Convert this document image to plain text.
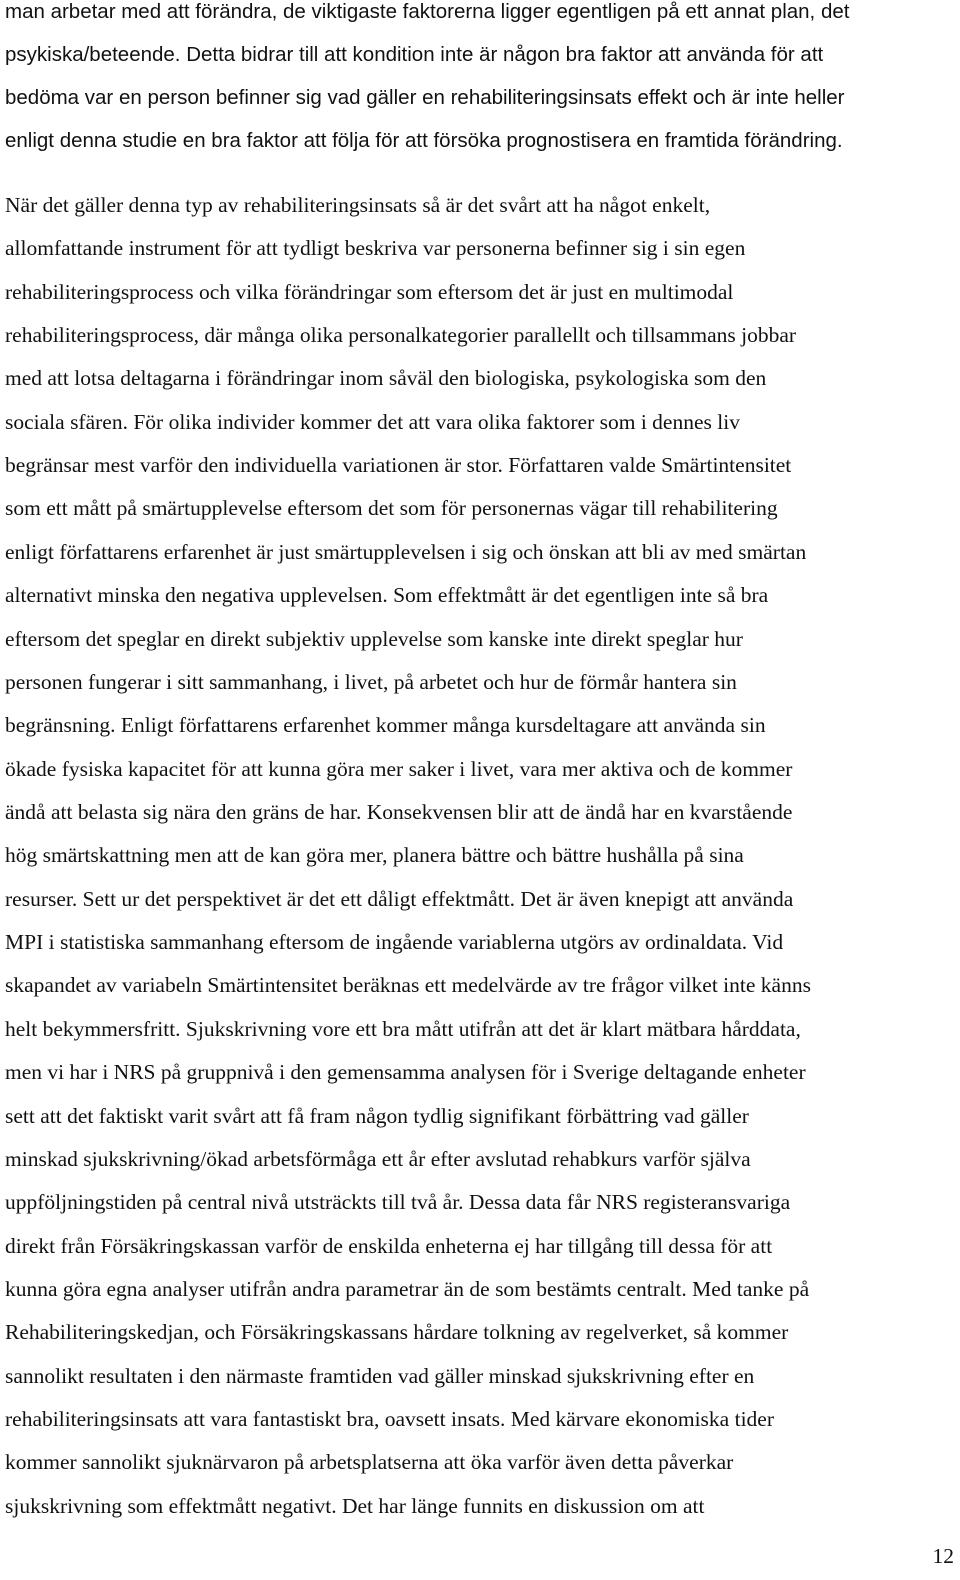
man arbetar med att förändra, de viktigaste faktorerna ligger egentligen på ett annat plan, det
psykiska/beteende. Detta bidrar till att kondition inte är någon bra faktor att använda för att
bedöma var en person befinner sig vad gäller en rehabiliteringsinsats effekt och är inte heller
enligt denna studie en bra faktor att följa för att försöka prognostisera en framtida förändring.
När det gäller denna typ av rehabiliteringsinsats så är det svårt att ha något enkelt,
allomfattande instrument för att tydligt beskriva var personerna befinner sig i sin egen
rehabiliteringsprocess och vilka förändringar som eftersom det är just en multimodal
rehabiliteringsprocess, där många olika personalkategorier parallellt och tillsammans jobbar
med att lotsa deltagarna i förändringar inom såväl den biologiska, psykologiska som den
sociala sfären. För olika individer kommer det att vara olika faktorer som i dennes liv
begränsar mest varför den individuella variationen är stor. Författaren valde Smärtintensitet
som ett mått på smärtupplevelse eftersom det som för personernas vägar till rehabilitering
enligt författarens erfarenhet är just smärtupplevelsen i sig och önskan att bli av med smärtan
alternativt minska den negativa upplevelsen. Som effektmått är det egentligen inte så bra
eftersom det speglar en direkt subjektiv upplevelse som kanske inte direkt speglar hur
personen fungerar i sitt sammanhang, i livet, på arbetet och hur de förmår hantera sin
begränsning. Enligt författarens erfarenhet kommer många kursdeltagare att använda sin
ökade fysiska kapacitet för att kunna göra mer saker i livet, vara mer aktiva och de kommer
ändå att belasta sig nära den gräns de har. Konsekvensen blir att de ändå har en kvarstående
hög smärtskattning men att de kan göra mer, planera bättre och bättre hushålla på sina
resurser. Sett ur det perspektivet är det ett dåligt effektmått. Det är även knepigt att använda
MPI i statistiska sammanhang eftersom de ingående variablerna utgörs av ordinaldata. Vid
skapandet av variabeln Smärtintensitet beräknas ett medelvärde av tre frågor vilket inte känns
helt bekymmersfritt. Sjukskrivning vore ett bra mått utifrån att det är klart mätbara hårddata,
men vi har i NRS på gruppnivå i den gemensamma analysen för i Sverige deltagande enheter
sett att det faktiskt varit svårt att få fram någon tydlig signifikant förbättring vad gäller
minskad sjukskrivning/ökad arbetsförmåga ett år efter avslutad rehabkurs varför själva
uppföljningstiden på central nivå utsträckts till två år. Dessa data får NRS registeransvariga
direkt från Försäkringskassan varför de enskilda enheterna ej har tillgång till dessa för att
kunna göra egna analyser utifrån andra parametrar än de som bestämts centralt. Med tanke på
Rehabiliteringskedjan, och Försäkringskassans hårdare tolkning av regelverket, så kommer
sannolikt resultaten i den närmaste framtiden vad gäller minskad sjukskrivning efter en
rehabiliteringsinsats att vara fantastiskt bra, oavsett insats. Med kärvare ekonomiska tider
kommer sannolikt sjuknärvaron på arbetsplatserna att öka varför även detta påverkar
sjukskrivning som effektmått negativt. Det har länge funnits en diskussion om att
12
